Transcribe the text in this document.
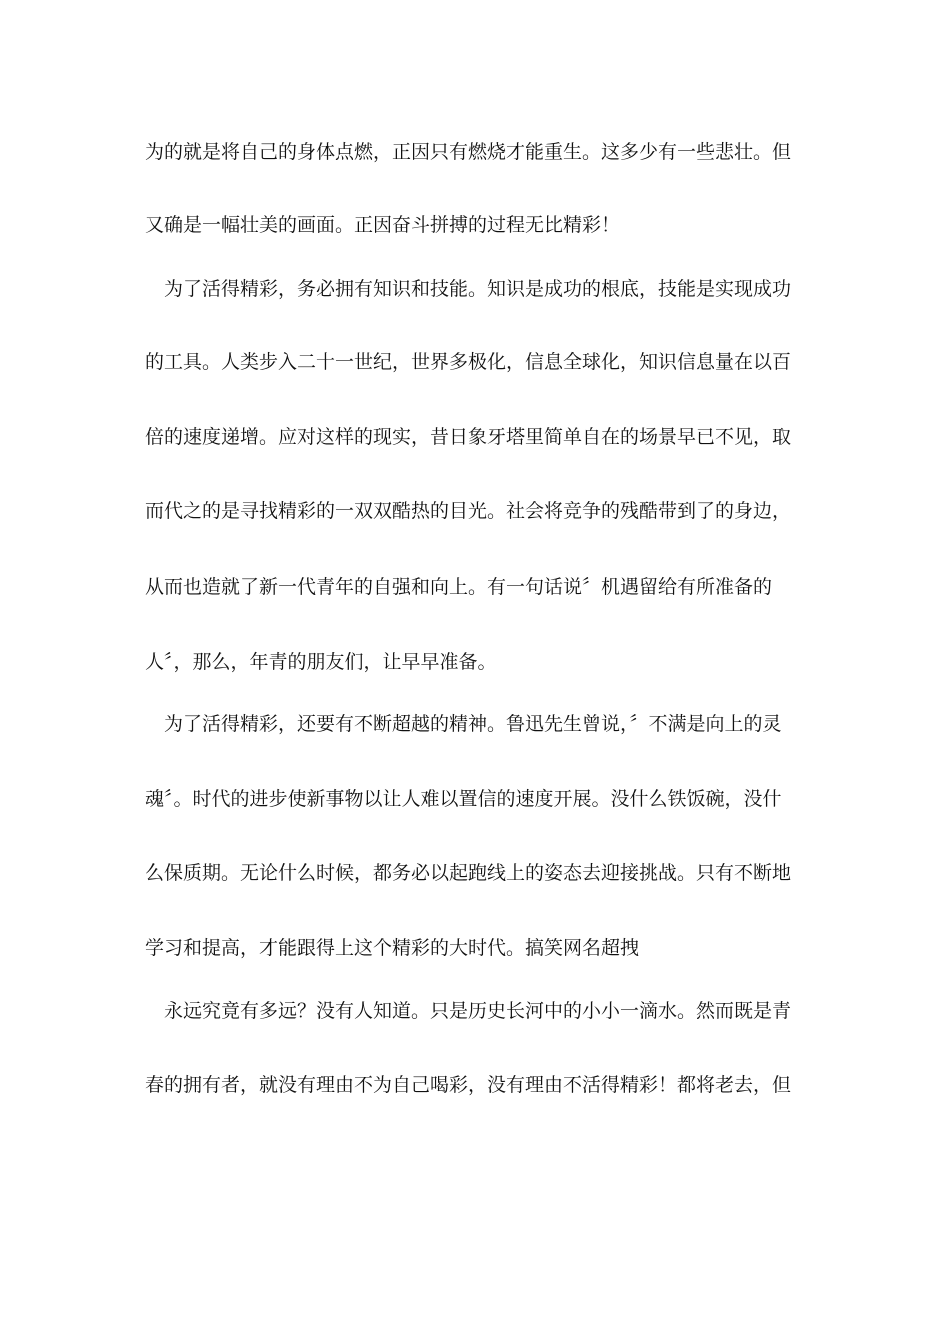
为的就是将自己的身体点燃，正因只有燃烧才能重生。这多少有一些悲壮。但
又确是一幅壮美的画面。正因奋斗拼搏的过程无比精彩！
为了活得精彩，务必拥有知识和技能。知识是成功的根底，技能是实现成功
的工具。人类步入二十一世纪，世界多极化，信息全球化，知识信息量在以百
倍的速度递增。应对这样的现实，昔日象牙塔里简单自在的场景早已不见，取
而代之的是寻找精彩的一双双酷热的目光。社会将竞争的残酷带到了的身边，
从而也造就了新一代青年的自强和向上。有一句话说〞机遇留给有所准备的
人〞，那么，年青的朋友们，让早早准备。
为了活得精彩，还要有不断超越的精神。鲁迅先生曾说，〞不满是向上的灵
魂〞。时代的进步使新事物以让人难以置信的速度开展。没什么铁饭碗，没什
么保质期。无论什么时候，都务必以起跑线上的姿态去迎接挑战。只有不断地
学习和提高，才能跟得上这个精彩的大时代。搞笑网名超拽
永远究竟有多远？没有人知道。只是历史长河中的小小一滴水。然而既是青
春的拥有者，就没有理由不为自己喝彩，没有理由不活得精彩！都将老去，但
